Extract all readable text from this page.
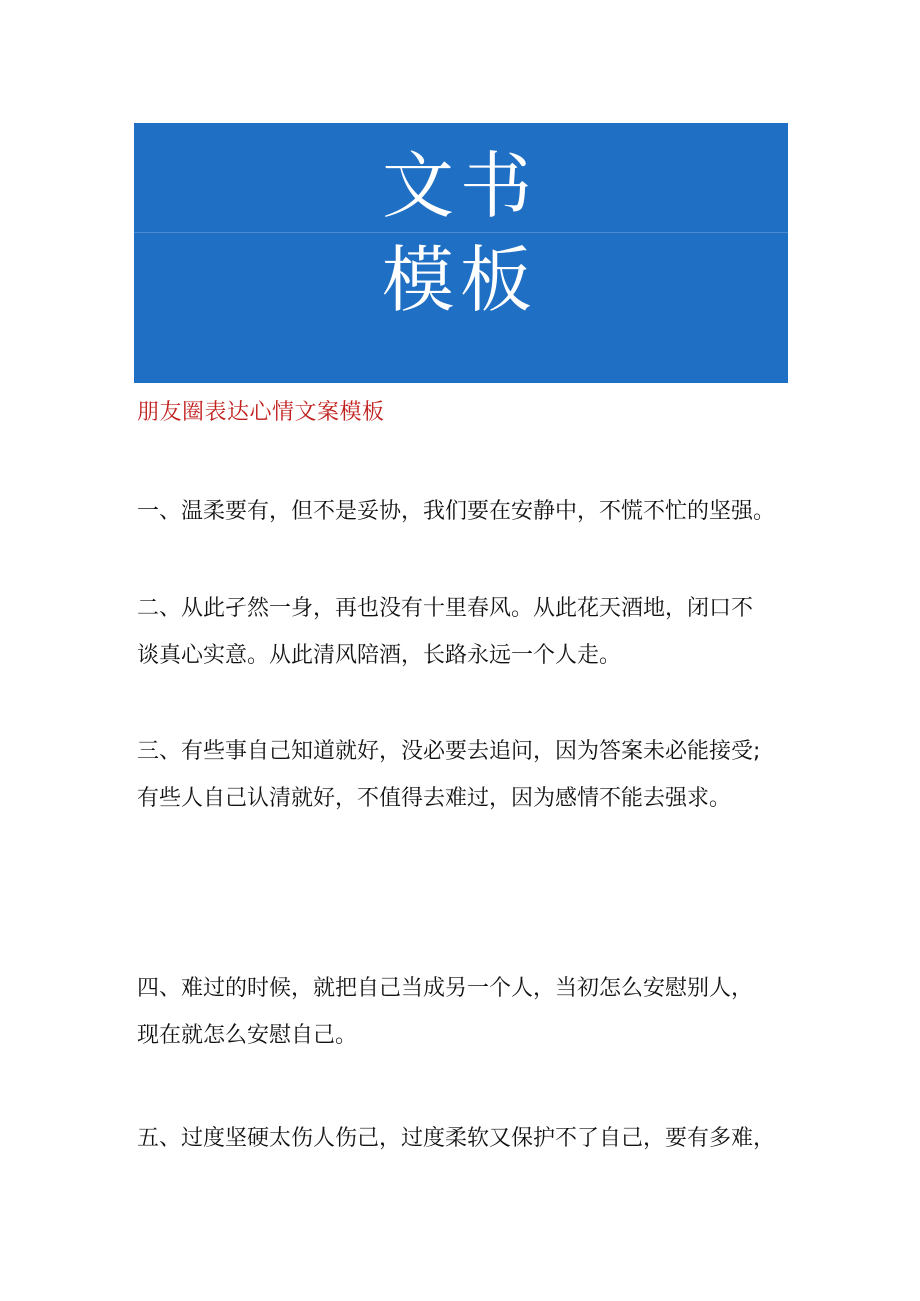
文书
模板
朋友圈表达心情文案模板
一、温柔要有，但不是妥协，我们要在安静中，不慌不忙的坚强。
二、从此孑然一身，再也没有十里春风。从此花天酒地，闭口不
谈真心实意。从此清风陪酒，长路永远一个人走。
三、有些事自己知道就好，没必要去追问，因为答案未必能接受;
有些人自己认清就好，不值得去难过，因为感情不能去强求。
四、难过的时候，就把自己当成另一个人，当初怎么安慰别人，
现在就怎么安慰自己。
五、过度坚硬太伤人伤己，过度柔软又保护不了自己，要有多难，
